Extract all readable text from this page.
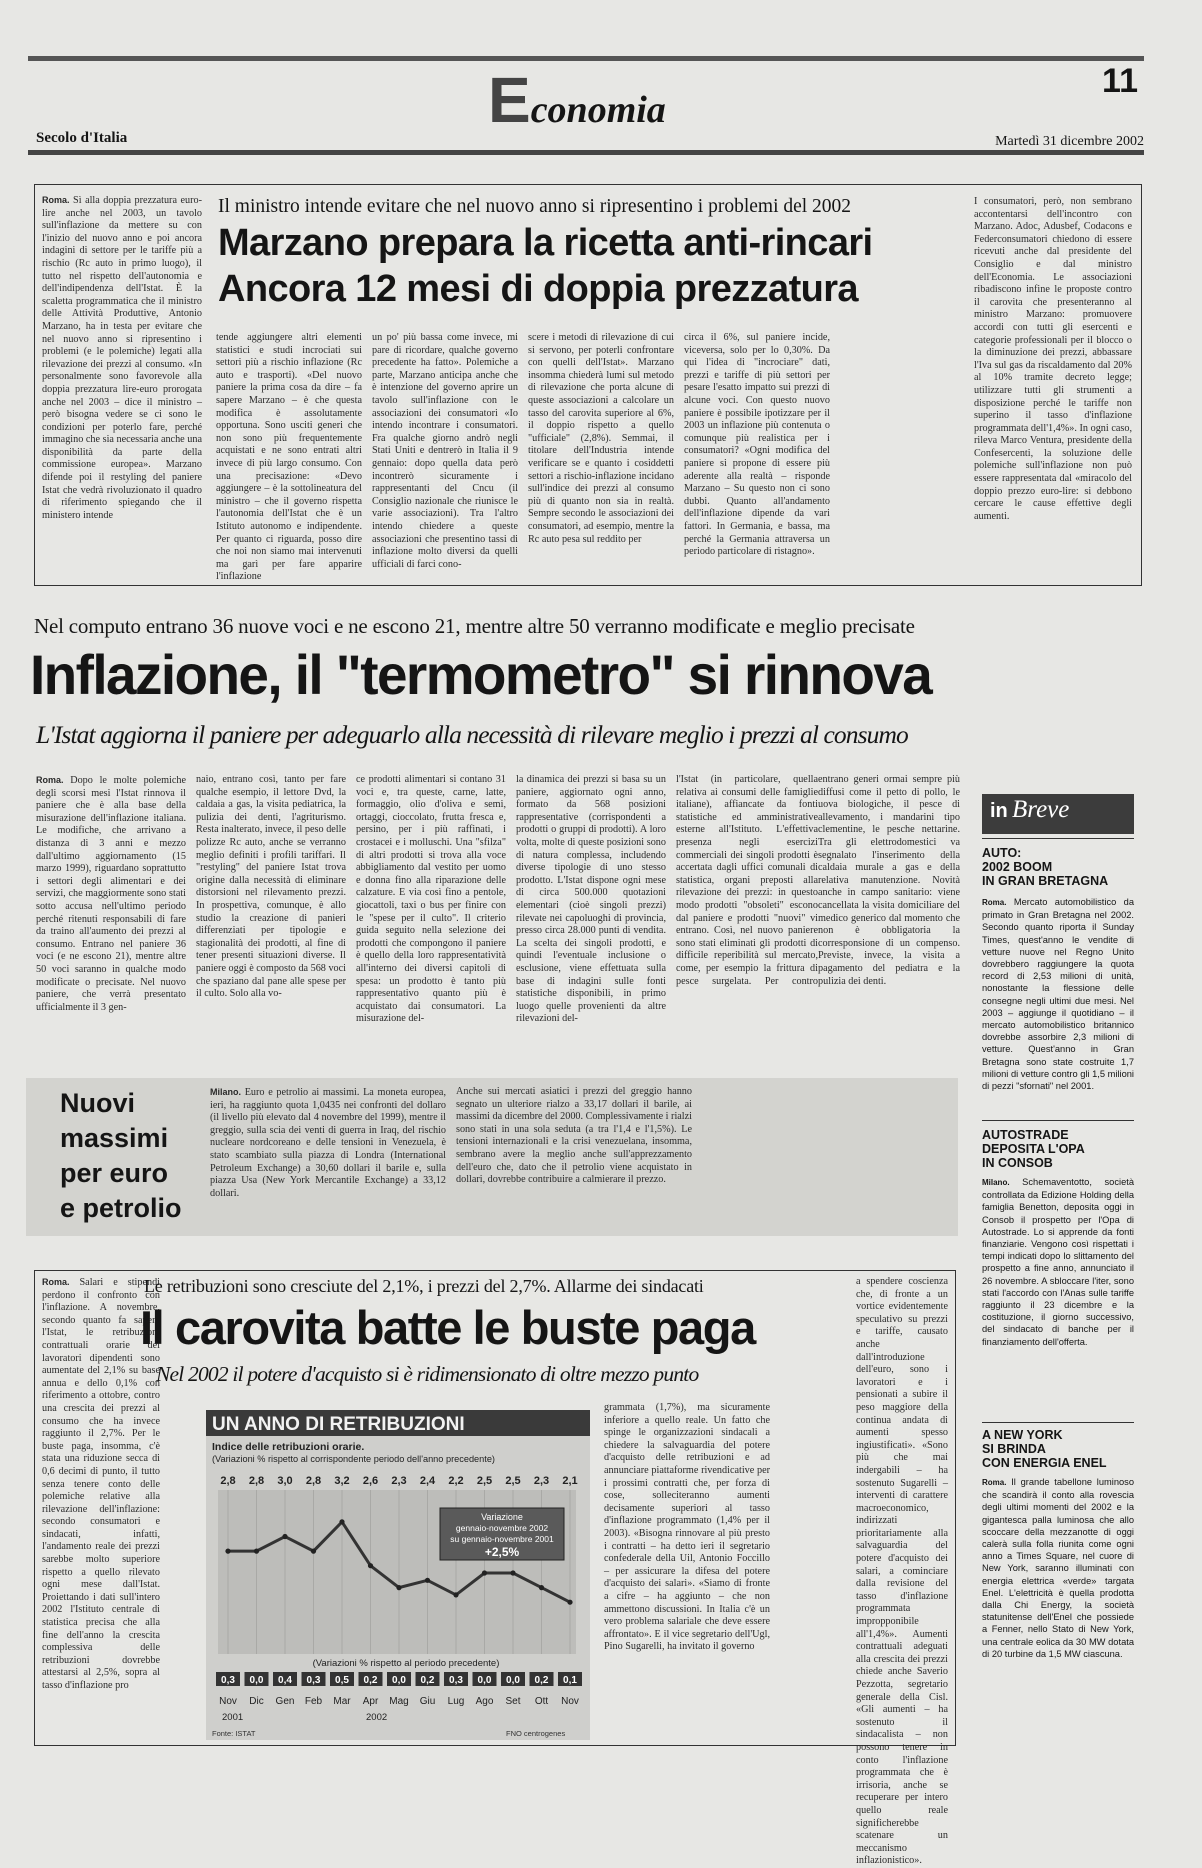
Economia
11
Secolo d'Italia	Martedì 31 dicembre 2002
Roma. Sì alla doppia prezzatura euro-lire anche nel 2003, un tavolo sull'inflazione da mettere su con l'inizio del nuovo anno e poi ancora indagini di settore per le tariffe più a rischio (Rc auto in primo luogo), il tutto nel rispetto dell'autonomia e dell'indipendenza dell'Istat. È la scaletta programmatica che il ministro delle Attività Produttive, Antonio Marzano, ha in testa per evitare che nel nuovo anno si ripresentino i problemi (e le polemiche) legati alla rilevazione dei prezzi al consumo. «In personalmente sono favorevole alla doppia prezzatura lire-euro prorogata anche nel 2003 – dice il ministro – però bisogna vedere se ci sono le condizioni per poterlo fare, perché immagino che sia necessaria anche una disponibilità da parte della commissione europea». Marzano difende poi il restyling del paniere Istat che vedrà rivoluzionato il quadro di riferimento spiegando che il ministero intende
Il ministro intende evitare che nel nuovo anno si ripresentino i problemi del 2002
Marzano prepara la ricetta anti-rincari
Ancora 12 mesi di doppia prezzatura
tende aggiungere altri elementi statistici e studi incrociati sui settori più a rischio inflazione (Rc auto e trasporti). «Del nuovo paniere la prima cosa da dire – fa sapere Marzano – è che questa modifica è assolutamente opportuna. Sono usciti generi che non sono più frequentemente acquistati e ne sono entrati altri invece di più largo consumo. Con una precisazione: «Devo aggiungere – è la sottolineatura del ministro – che il governo rispetta l'autonomia dell'Istat che è un Istituto autonomo e indipendente. Per quanto ci riguarda, posso dire che noi non siamo mai intervenuti ma garì per fare apparire l'inflazione
un po' più bassa come invece, mi pare di ricordare, qualche governo precedente ha fatto». Polemiche a parte, Marzano anticipa anche che è intenzione del governo aprire un tavolo sull'inflazione con le associazioni dei consumatori «Io intendo incontrare i consumatori. Fra qualche giorno andrò negli Stati Uniti e dentrerò in Italia il 9 gennaio: dopo quella data però incontrerò sicuramente i rappresentanti del Cncu (il Consiglio nazionale che riunisce le varie associazioni). Tra l'altro intendo chiedere a queste associazioni che presentino tassi di inflazione molto diversi da quelli ufficiali di farci cono-
scere i metodi di rilevazione di cui si servono, per poterli confrontare con quelli dell'Istat». Marzano insomma chiederà lumi sul metodo di rilevazione che porta alcune di queste associazioni a calcolare un tasso del carovita superiore al 6%, il doppio rispetto a quello "ufficiale" (2,8%). Semmai, il titolare dell'Industria intende verificare se e quanto i cosiddetti settori a rischio-inflazione incidano sull'indice dei prezzi al consumo più di quanto non sia in realtà. Sempre secondo le associazioni dei consumatori, ad esempio, mentre la Rc auto pesa sul reddito per
circa il 6%, sul paniere incide, viceversa, solo per lo 0,30%. Da qui l'idea di "incrociare" dati, prezzi e tariffe di più settori per pesare l'esatto impatto sui prezzi di alcune voci. Con questo nuovo paniere è possibile ipotizzare per il 2003 un inflazione più contenuta o comunque più realistica per i consumatori? «Ogni modifica del paniere si propone di essere più aderente alla realtà – risponde Marzano – Su questo non ci sono dubbi. Quanto all'andamento dell'inflazione dipende da vari fattori. In Germania, e bassa, ma perché la Germania attraversa un periodo particolare di ristagno».
I consumatori, però, non sembrano accontentarsi dell'incontro con Marzano. Adoc, Adusbef, Codacons e Federconsumatori chiedono di essere ricevuti anche dal presidente del Consiglio e dal ministro dell'Economia. Le associazioni ribadiscono infine le proposte contro il carovita che presenteranno al ministro Marzano: promuovere accordi con tutti gli esercenti e categorie professionali per il blocco o la diminuzione dei prezzi, abbassare l'Iva sul gas da riscaldamento dal 20% al 10% tramite decreto legge; utilizzare tutti gli strumenti a disposizione perché le tariffe non superino il tasso d'inflazione programmata dell'1,4%». In ogni caso, rileva Marco Ventura, presidente della Confesercenti, la soluzione delle polemiche sull'inflazione non può essere rappresentata dal «miracolo del doppio prezzo euro-lire: si debbono cercare le cause effettive degli aumenti.
Nel computo entrano 36 nuove voci e ne escono 21, mentre altre 50 verranno modificate e meglio precisate
Inflazione, il "termometro" si rinnova
L'Istat aggiorna il paniere per adeguarlo alla necessità di rilevare meglio i prezzi al consumo
Roma. Dopo le molte polemiche degli scorsi mesi l'Istat rinnova il paniere che è alla base della misurazione dell'inflazione italiana. Le modifiche, che arrivano a distanza di 3 anni e mezzo dall'ultimo aggiornamento (15 marzo 1999), riguardano soprattutto i settori degli alimentari e dei servizi, che maggiormente sono stati sotto accusa nell'ultimo periodo perché ritenuti responsabili di fare da traino all'aumento dei prezzi al consumo. Entrano nel paniere 36 voci (e ne escono 21), mentre altre 50 voci saranno in qualche modo modificate o precisate. Nel nuovo paniere, che verrà presentato ufficialmente il 3 gen-
naio, entrano così, tanto per fare qualche esempio, il lettore Dvd, la caldaia a gas, la visita pediatrica, la pulizia dei denti, l'agriturismo. Resta inalterato, invece, il peso delle polizze Rc auto, anche se verranno meglio definiti i profili tariffari. Il "restyling" del paniere Istat trova origine dalla necessità di eliminare distorsioni nel rilevamento prezzi. In prospettiva, comunque, è allo studio la creazione di panieri differenziati per tipologie e stagionalità dei prodotti, al fine di tener presenti situazioni diverse. Il paniere oggi è composto da 568 voci che spaziano dal pane alle spese per il culto. Solo alla vo-
ce prodotti alimentari si contano 31 voci e, tra queste, carne, latte, formaggio, olio d'oliva e semi, ortaggi, cioccolato, frutta fresca e, persino, per i più raffinati, i crostacei e i molluschi. Una "sfilza" di altri prodotti si trova alla voce abbigliamento dal vestito per uomo e donna fino alla riparazione delle calzature. E via così fino a pentole, giocattoli, taxi o bus per finire con le "spese per il culto". Il criterio guida seguito nella selezione dei prodotti che compongono il paniere è quello della loro rappresentatività all'interno dei diversi capitoli di spesa: un prodotto è tanto più rappresentativo quanto più è acquistato dai consumatori. La misurazione del-
la dinamica dei prezzi si basa su un paniere, aggiornato ogni anno, formato da 568 posizioni rappresentative (corrispondenti a prodotti o gruppi di prodotti). A loro volta, molte di queste posizioni sono di natura complessa, includendo diverse tipologie di uno stesso prodotto. L'Istat dispone ogni mese di circa 500.000 quotazioni elementari (cioè singoli prezzi) rilevate nei capoluoghi di provincia, presso circa 28.000 punti di vendita. La scelta dei singoli prodotti, e quindi l'eventuale inclusione o esclusione, viene effettuata sulla base di indagini sulle fonti statistiche disponibili, in primo luogo quelle provenienti da altre rilevazioni del-
l'Istat (in particolare, quella relativa ai consumi delle famiglie italiane), affiancate da fonti statistiche ed amministrative esterne all'Istituto. L'effettiva presenza negli esercizi commerciali dei singoli prodotti è accertata dagli uffici comunali di statistica, organi preposti alla rilevazione dei prezzi: in questo modo prodotti "obsoleti" escono dal paniere e prodotti "nuovi" vi entrano. Così, nel nuovo paniere sono stati eliminati gli prodotti di difficile reperibilità sul mercato, come, per esempio la frittura di pesce surgelata. Per contro entrano generi ormai sempre più diffusi come il petto di pollo, le uova biologiche, il pesce di allevamento, i mandarini tipo clementine, le pesche nettarine. Tra gli elettrodomestici va segnalato l'inserimento della caldaia murale a gas e della relativa manutenzione. Novità anche in campo sanitario: viene cancellata la visita domiciliare del medico generico dal momento che non è obbligatoria la corresponsione di un compenso. Previste, invece, la visita a pagamento del pediatra e la pulizia dei denti.
Nuovi
massimi
per euro
e petrolio
Milano. Euro e petrolio ai massimi. La moneta europea, ieri, ha raggiunto quota 1,0435 nei confronti del dollaro (il livello più elevato dal 4 novembre del 1999), mentre il greggio, sulla scia dei venti di guerra in Iraq, del rischio nucleare nordcoreano e delle tensioni in Venezuela, è stato scambiato sulla piazza di Londra (International Petroleum Exchange) a 30,60 dollari il barile e, sulla piazza Usa (New York Mercantile Exchange) a 33,12 dollari.
Anche sui mercati asiatici i prezzi del greggio hanno segnato un ulteriore rialzo a 33,17 dollari il barile, ai massimi da dicembre del 2000. Complessivamente i rialzi sono stati in una sola seduta (a tra l'1,4 e l'1,5%). Le tensioni internazionali e la crisi venezuelana, insomma, sembrano avere la meglio anche sull'apprezzamento dell'euro che, dato che il petrolio viene acquistato in dollari, dovrebbe contribuire a calmierare il prezzo.
Roma. Salari e stipendi perdono il confronto con l'inflazione. A novembre, secondo quanto fa sapere l'Istat, le retribuzioni contrattuali orarie dei lavoratori dipendenti sono aumentate del 2,1% su base annua e dello 0,1% con riferimento a ottobre, contro una crescita dei prezzi al consumo che ha invece raggiunto il 2,7%. Per le buste paga, insomma, c'è stata una riduzione secca di 0,6 decimi di punto, il tutto senza tenere conto delle polemiche relative alla rilevazione dell'inflazione: secondo consumatori e sindacati, infatti, l'andamento reale dei prezzi sarebbe molto superiore rispetto a quello rilevato ogni mese dall'Istat. Proiettando i dati sull'intero 2002 l'Istituto centrale di statistica precisa che alla fine dell'anno la crescita complessiva delle retribuzioni dovrebbe attestarsi al 2,5%, sopra al tasso d'inflazione pro
Le retribuzioni sono cresciute del 2,1%, i prezzi del 2,7%. Allarme dei sindacati
Il carovita batte le buste paga
Nel 2002 il potere d'acquisto si è ridimensionato di oltre mezzo punto
grammata (1,7%), ma sicuramente inferiore a quello reale. Un fatto che spinge le organizzazioni sindacali a chiedere la salvaguardia del potere d'acquisto delle retribuzioni e ad annunciare piattaforme rivendicative per i prossimi contratti che, per forza di cose, solleciteranno aumenti decisamente superiori al tasso d'inflazione programmato (1,4% per il 2003). «Bisogna rinnovare al più presto i contratti – ha detto ieri il segretario confederale della Uil, Antonio Foccillo – per assicurare la difesa del potere d'acquisto dei salari». «Siamo di fronte a cifre – ha aggiunto – che non ammettono discussioni. In Italia c'è un vero problema salariale che deve essere affrontato». E il vice segretario dell'Ugl, Pino Sugarelli, ha invitato il governo
a spendere coscienza che, di fronte a un vortice evidentemente speculativo su prezzi e tariffe, causato anche dall'introduzione dell'euro, sono i lavoratori e i pensionati a subire il peso maggiore della continua andata di aumenti spesso ingiustificati». «Sono più che mai indergabili – ha sostenuto Sugarelli – interventi di carattere macroeconomico, indirizzati prioritariamente alla salvaguardia del potere d'acquisto dei salari, a cominciare dalla revisione del tasso d'inflazione programmata impropponibile all'1,4%». Aumenti contrattuali adeguati alla crescita dei prezzi chiede anche Saverio Pezzotta, segretario generale della Cisl. «Gli aumenti – ha sostenuto il sindacalista – non possono tenere in conto l'inflazione programmata che è irrisoria, anche se recuperare per intero quello reale significherebbe scatenare un meccanismo inflazionistico».
UN ANNO DI RETRIBUZIONI
Indice delle retribuzioni orarie.
(Variazioni % rispetto al corrispondente periodo dell'anno precedente)
2,8 2,8 3,0 2,8 3,2 2,6 2,3 2,4 2,2 2,5 2,5 2,3 2,1
Variazione
gennaio-novembre 2002
su gennaio-novembre 2001
+2,5%
(Variazioni % rispetto al periodo precedente)
0,3 0,0 0,4 0,3 0,5 0,2 0,0 0,2 0,3 0,0 0,0 0,2 0,1
Nov Dic Gen Feb Mar Apr Mag Giu Lug Ago Set Ott Nov
2001	2002
Fonte: ISTAT	FNO centrogenes
in Breve
AUTO:
2002 BOOM
IN GRAN BRETAGNA
Roma. Mercato automobilistico da primato in Gran Bretagna nel 2002. Secondo quanto riporta il Sunday Times, quest'anno le vendite di vetture nuove nel Regno Unito dovrebbero raggiungere la quota record di 2,53 milioni di unità, nonostante la flessione delle consegne negli ultimi due mesi. Nel 2003 – aggiunge il quotidiano – il mercato automobilistico britannico dovrebbe assorbire 2,3 milioni di vetture. Quest'anno in Gran Bretagna sono state costruite 1,7 milioni di vetture contro gli 1,5 milioni di pezzi "sfornati" nel 2001.
AUTOSTRADE
DEPOSITA L'OPA
IN CONSOB
Milano. Schemaventotto, società controllata da Edizione Holding della famiglia Benetton, deposita oggi in Consob il prospetto per l'Opa di Autostrade. Lo si apprende da fonti finanziarie. Vengono così rispettati i tempi indicati dopo lo slittamento del prospetto a fine anno, annunciato il 26 novembre. A sbloccare l'iter, sono stati l'accordo con l'Anas sulle tariffe raggiunto il 23 dicembre e la costituzione, il giorno successivo, del sindacato di banche per il finanziamento dell'offerta.
A NEW YORK
SI BRINDA
CON ENERGIA ENEL
Roma. Il grande tabellone luminoso che scandirà il conto alla rovescia degli ultimi momenti del 2002 e la gigantesca palla luminosa che allo scoccare della mezzanotte di oggi calerà sulla folla riunita come ogni anno a Times Square, nel cuore di New York, saranno illuminati con energia elettrica «verde» targata Enel. L'elettricità è quella prodotta dalla Chi Energy, la società statunitense dell'Enel che possiede a Fenner, nello Stato di New York, una centrale eolica da 30 MW dotata di 20 turbine da 1,5 MW ciascuna.
